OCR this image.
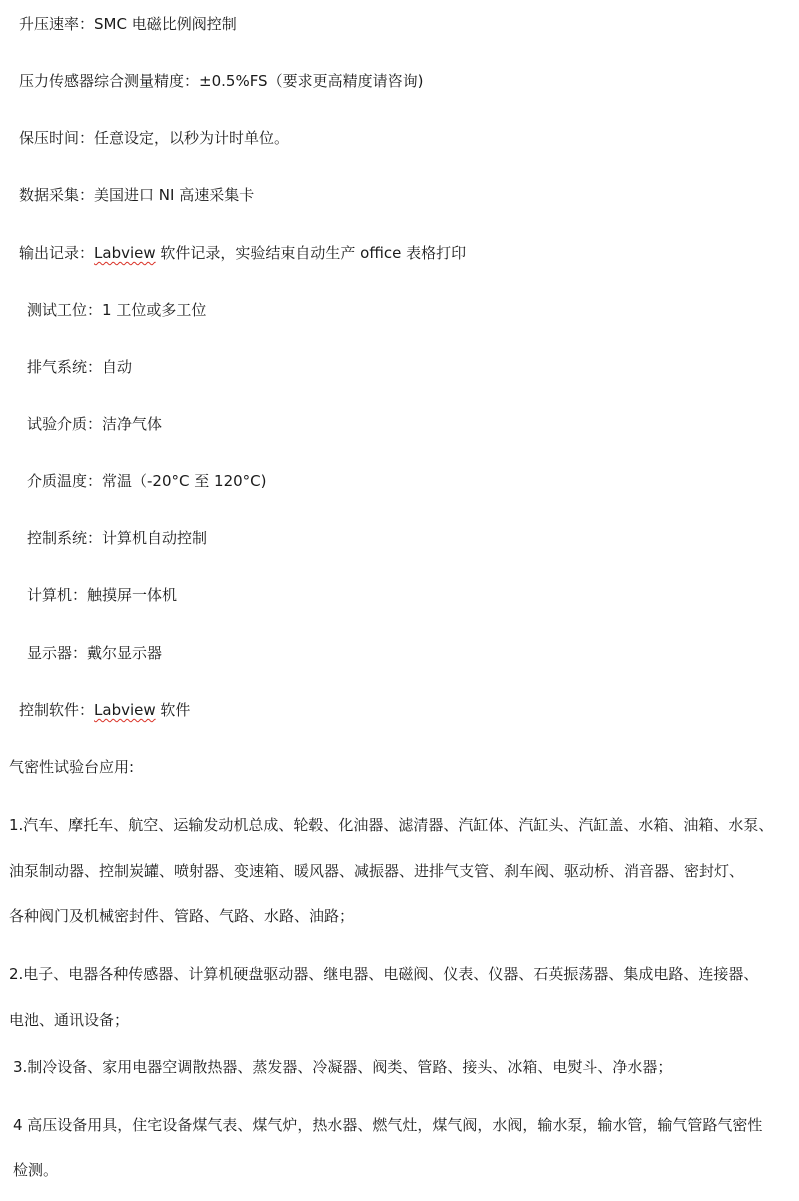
升压速率：SMC 电磁比例阀控制
压力传感器综合测量精度：±0.5%FS（要求更高精度请咨询)
保压时间：任意设定，以秒为计时单位。
数据采集：美国进口 NI 高速采集卡
输出记录：Labview 软件记录，实验结束自动生产 office 表格打印
测试工位：1 工位或多工位
排气系统：自动
试验介质：洁净气体
介质温度：常温（-20°C 至 120°C)
控制系统：计算机自动控制
计算机：触摸屏一体机
显示器：戴尔显示器
控制软件：Labview 软件
气密性试验台应用:
1.汽车、摩托车、航空、运输发动机总成、轮毂、化油器、滤清器、汽缸体、汽缸头、汽缸盖、水箱、油箱、水泵、
油泵制动器、控制炭罐、喷射器、变速箱、暖风器、减振器、进排气支管、刹车阀、驱动桥、消音器、密封灯、
各种阀门及机械密封件、管路、气路、水路、油路；
2.电子、电器各种传感器、计算机硬盘驱动器、继电器、电磁阀、仪表、仪器、石英振荡器、集成电路、连接器、
电池、通讯设备；
3.制冷设备、家用电器空调散热器、蒸发器、冷凝器、阀类、管路、接头、冰箱、电熨斗、净水器；
4 高压设备用具，住宅设备煤气表、煤气炉，热水器、燃气灶，煤气阀，水阀，输水泵，输水管，输气管路气密性
检测。
